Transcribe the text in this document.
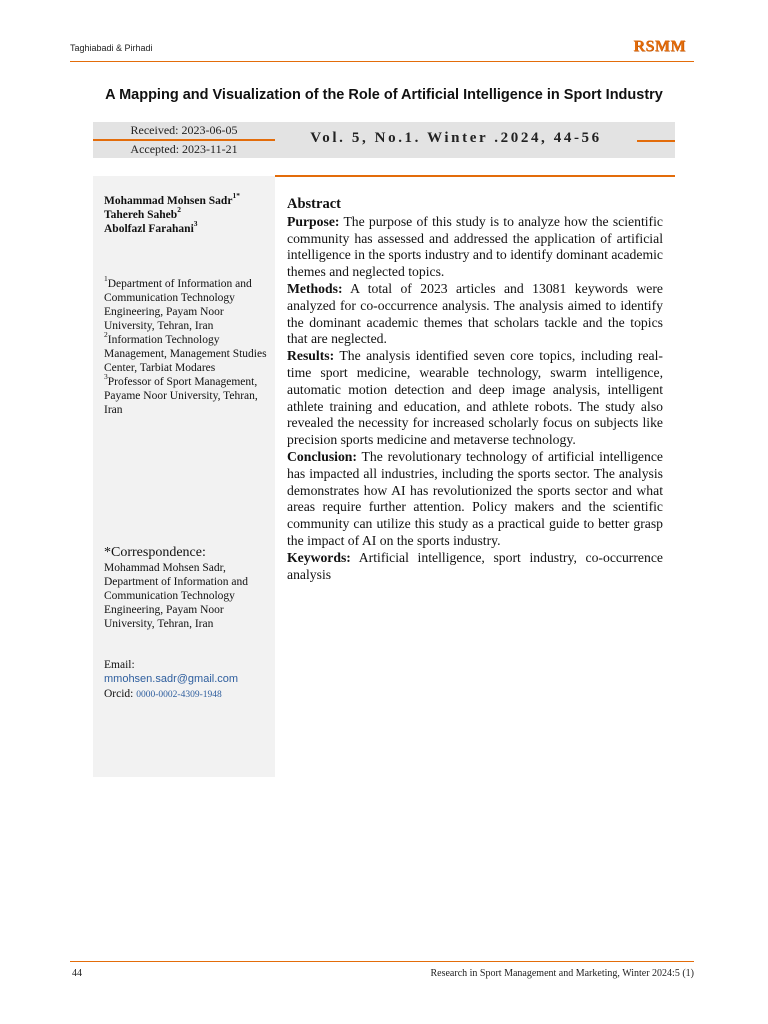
Taghiabadi & Pirhadi	RSMM
A Mapping and Visualization of the Role of Artificial Intelligence in Sport Industry
Received: 2023-06-05
Accepted: 2023-11-21
Vol. 5, No.1. Winter .2024, 44-56
Mohammad Mohsen Sadr$^{1*}$
Tahereh Saheb$^2$
Abolfazl Farahani$^3$

$^1$Department of Information and Communication Technology Engineering, Payam Noor University, Tehran, Iran

$^2$Information Technology Management, Management Studies Center, Tarbiat Modares

$^3$Professor of Sport Management, Payame Noor University, Tehran, Iran

*Correspondence:
Mohammad Mohsen Sadr, Department of Information and Communication Technology Engineering, Payam Noor University, Tehran, Iran
Email:
mmohsen.sadr@gmail.com
Orcid: 0000-0002-4309-1948
Abstract

Purpose: The purpose of this study is to analyze how the scientific community has assessed and addressed the application of artificial intelligence in the sports industry and to identify dominant academic themes and neglected topics.

Methods: A total of 2023 articles and 13081 keywords were analyzed for co-occurrence analysis. The analysis aimed to identify the dominant academic themes that scholars tackle and the topics that are neglected.

Results: The analysis identified seven core topics, including real-time sport medicine, wearable technology, swarm intelligence, automatic motion detection and deep image analysis, intelligent athlete training and education, and athlete robots. The study also revealed the necessity for increased scholarly focus on subjects like precision sports medicine and metaverse technology.

Conclusion: The revolutionary technology of artificial intelligence has impacted all industries, including the sports sector. The analysis demonstrates how AI has revolutionized the sports sector and what areas require further attention. Policy makers and the scientific community can utilize this study as a practical guide to better grasp the impact of AI on the sports industry.

Keywords: Artificial intelligence, sport industry, co-occurrence analysis

44	Research in Sport Management and Marketing, Winter 2024:5 (1)
